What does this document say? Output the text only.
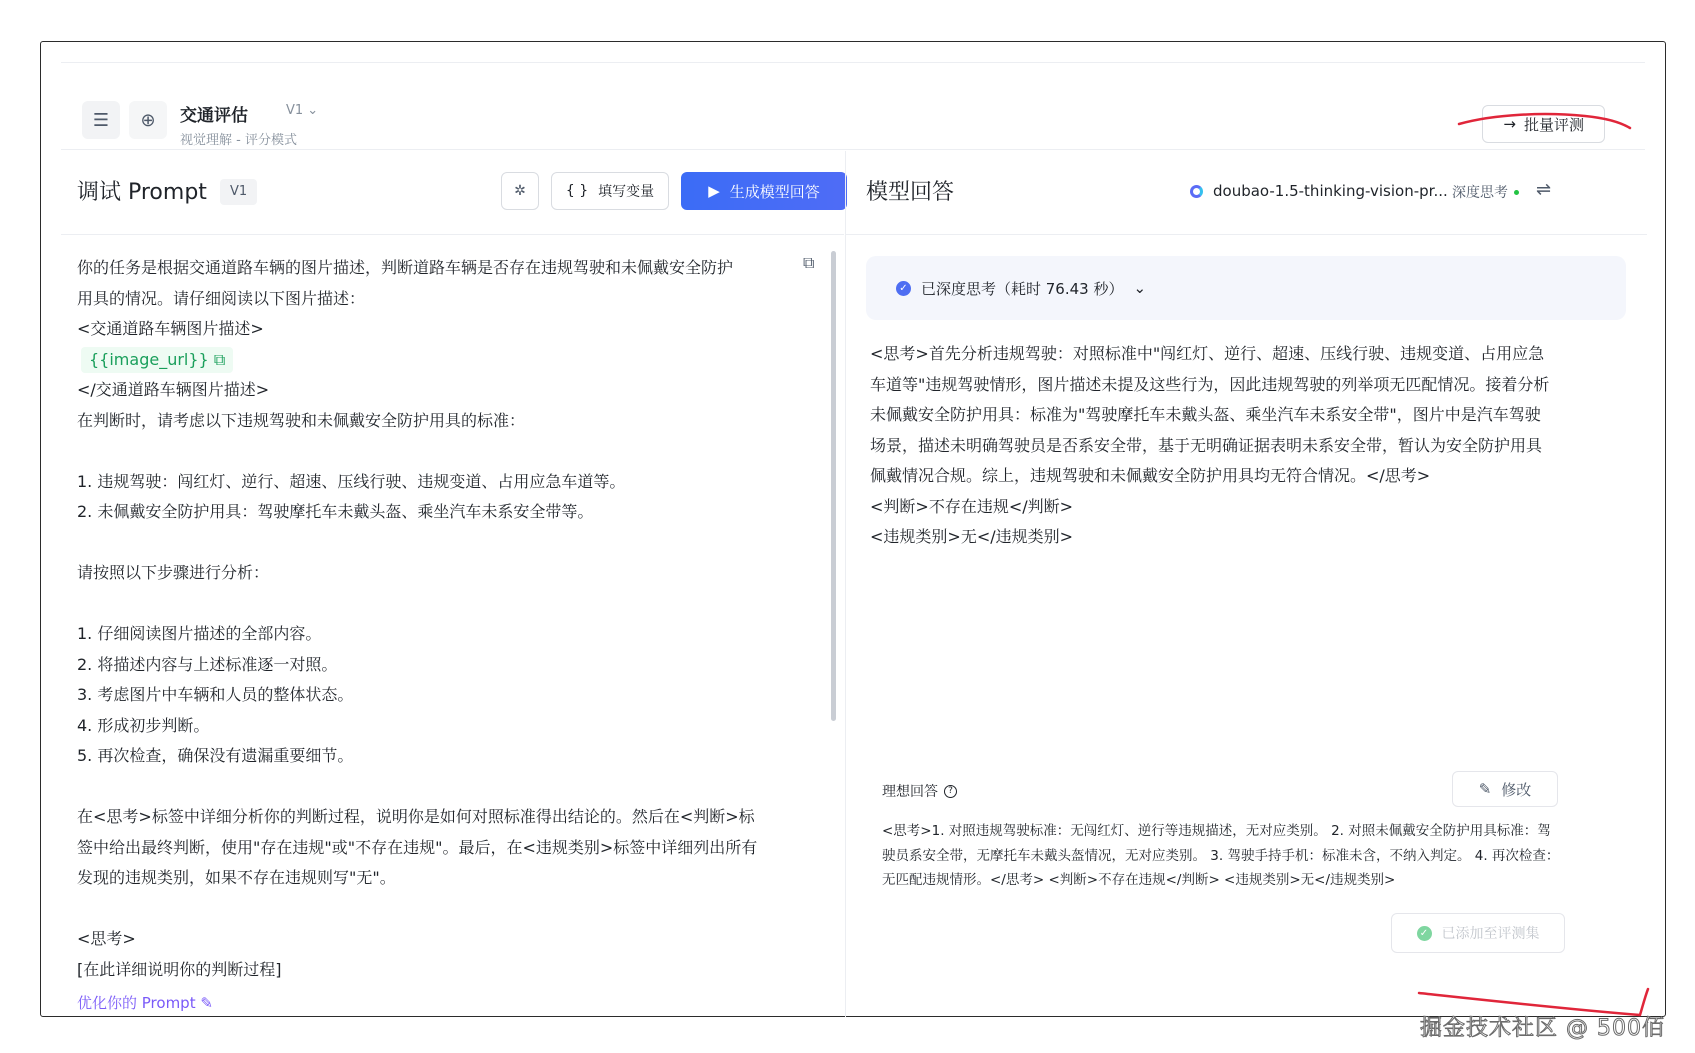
☰	⊕	交通评估	V1 ⌄
视觉理解 - 评分模式
→ 批量评测
调试 Prompt	V1	✲	{ } 填写变量	▶ 生成模型回答

你的任务是根据交通道路车辆的图片描述，判断道路车辆是否存在违规驾驶和未佩戴安全防护

用具的情况。请仔细阅读以下图片描述：

<交通道路车辆图片描述>

{{image_url}} ⧉

</交通道路车辆图片描述>

在判断时，请考虑以下违规驾驶和未佩戴安全防护用具的标准：

1. 违规驾驶：闯红灯、逆行、超速、压线行驶、违规变道、占用应急车道等。

2. 未佩戴安全防护用具：驾驶摩托车未戴头盔、乘坐汽车未系安全带等。

请按照以下步骤进行分析：

1. 仔细阅读图片描述的全部内容。

2. 将描述内容与上述标准逐一对照。

3. 考虑图片中车辆和人员的整体状态。

4. 形成初步判断。

5. 再次检查，确保没有遗漏重要细节。

在<思考>标签中详细分析你的判断过程，说明你是如何对照标准得出结论的。然后在<判断>标

签中给出最终判断，使用"存在违规"或"不存在违规"。最后，在<违规类别>标签中详细列出所有

发现的违规类别，如果不存在违规则写"无"。

<思考>

[在此详细说明你的判断过程]

⧉
优化你的 Prompt ✎
模型回答	doubao-1.5-thinking-vision-pr... 深度思考 ⇌
✓ 已深度思考（耗时 76.43 秒） ⌄

<思考>首先分析违规驾驶：对照标准中"闯红灯、逆行、超速、压线行驶、违规变道、占用应急

车道等"违规驾驶情形，图片描述未提及这些行为，因此违规驾驶的列举项无匹配情况。接着分析

未佩戴安全防护用具：标准为"驾驶摩托车未戴头盔、乘坐汽车未系安全带"，图片中是汽车驾驶

场景，描述未明确驾驶员是否系安全带，基于无明确证据表明未系安全带，暂认为安全防护用具

佩戴情况合规。综上，违规驾驶和未佩戴安全防护用具均无符合情况。</思考>

<判断>不存在违规</判断>

<违规类别>无</违规类别>

理想回答	?	✎ 修改
<思考>1. 对照违规驾驶标准：无闯红灯、逆行等违规描述，无对应类别。 2. 对照未佩戴安全防护用具标准：驾驶员系安全带，无摩托车未戴头盔情况，无对应类别。 3. 驾驶手持手机：标准未含，不纳入判定。 4. 再次检查：无匹配违规情形。</思考> <判断>不存在违规</判断> <违规类别>无</违规类别>
✓ 已添加至评测集
掘金技术社区 @ 500佰
